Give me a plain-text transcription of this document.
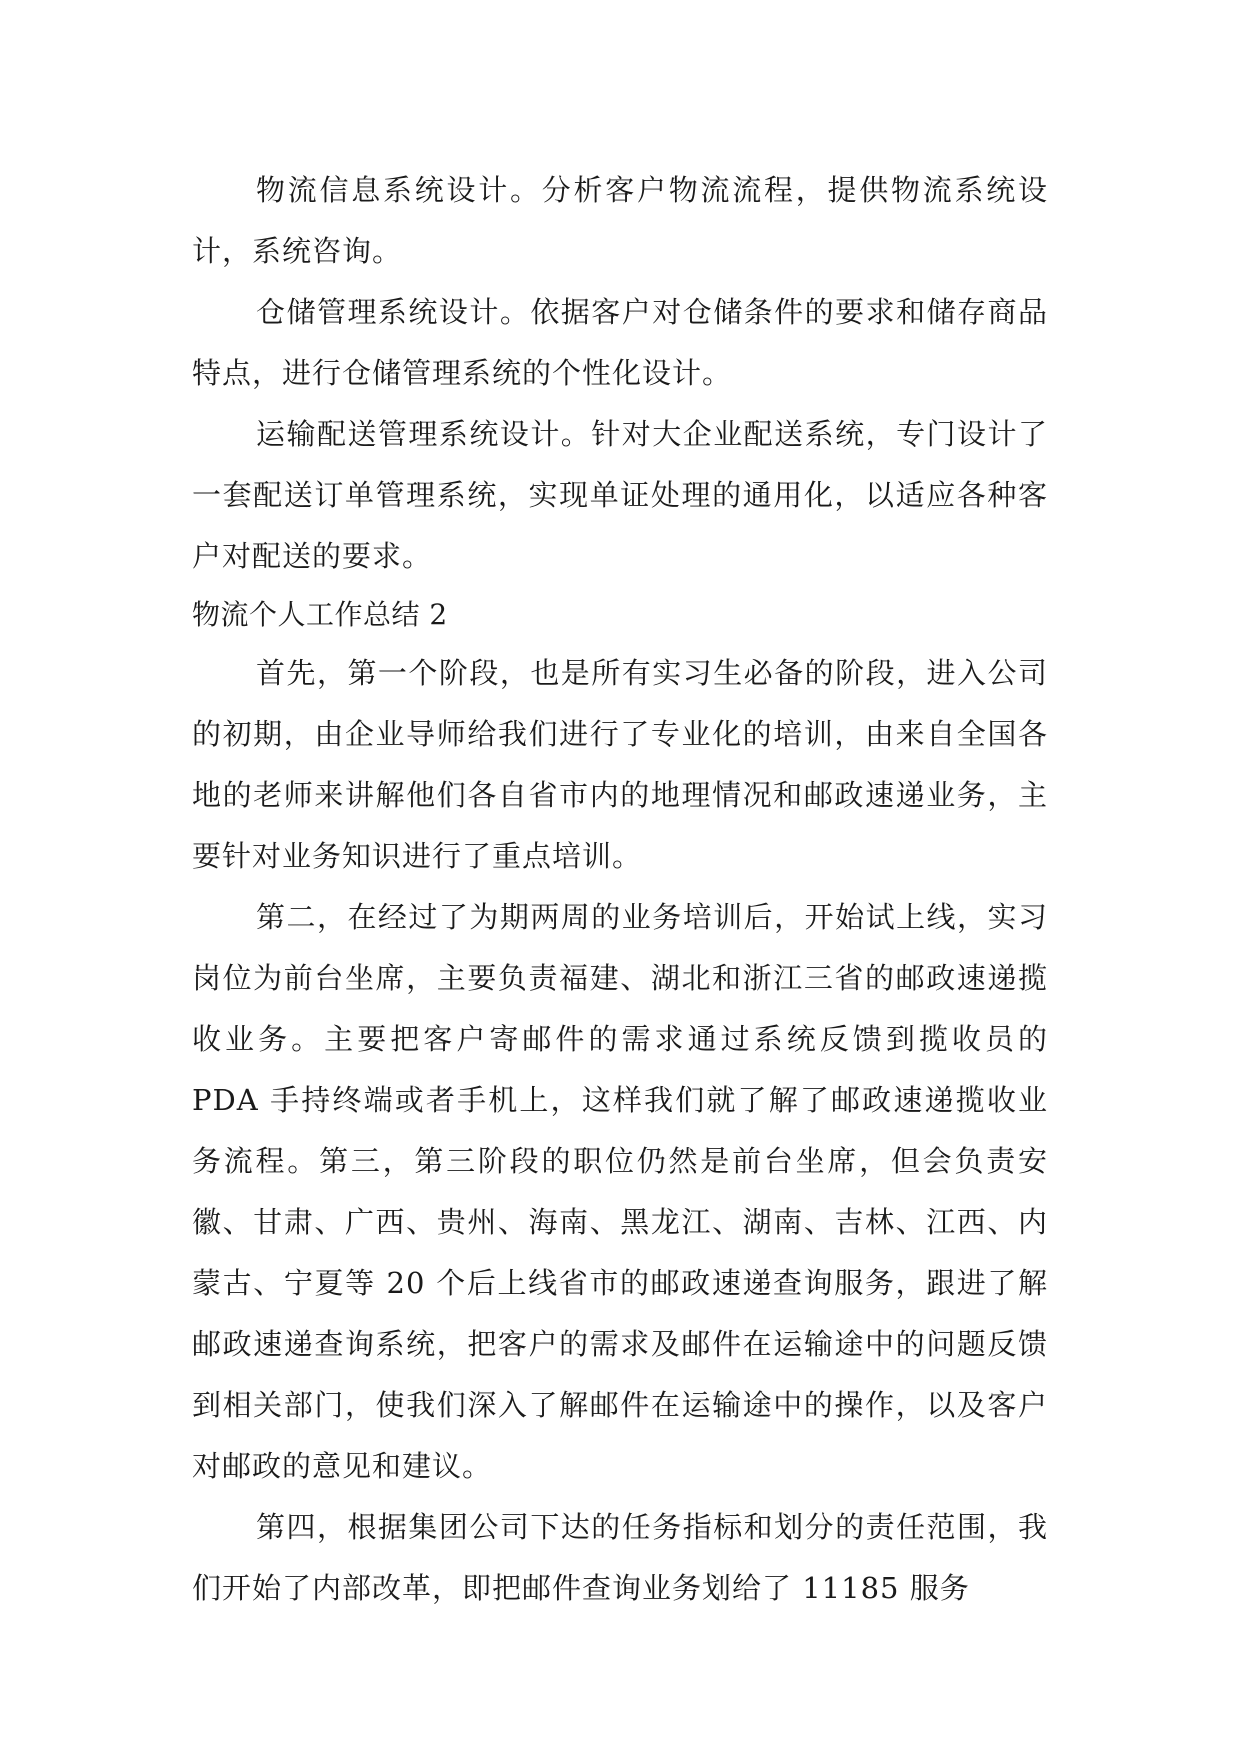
物流信息系统设计。分析客户物流流程，提供物流系统设计，系统咨询。

仓储管理系统设计。依据客户对仓储条件的要求和储存商品特点，进行仓储管理系统的个性化设计。

运输配送管理系统设计。针对大企业配送系统，专门设计了一套配送订单管理系统，实现单证处理的通用化，以适应各种客户对配送的要求。

物流个人工作总结 2

首先，第一个阶段，也是所有实习生必备的阶段，进入公司的初期，由企业导师给我们进行了专业化的培训，由来自全国各地的老师来讲解他们各自省市内的地理情况和邮政速递业务，主要针对业务知识进行了重点培训。

第二，在经过了为期两周的业务培训后，开始试上线，实习岗位为前台坐席，主要负责福建、湖北和浙江三省的邮政速递揽收业务。主要把客户寄邮件的需求通过系统反馈到揽收员的 PDA 手持终端或者手机上，这样我们就了解了邮政速递揽收业务流程。第三，第三阶段的职位仍然是前台坐席，但会负责安徽、甘肃、广西、贵州、海南、黑龙江、湖南、吉林、江西、内蒙古、宁夏等 20 个后上线省市的邮政速递查询服务，跟进了解邮政速递查询系统，把客户的需求及邮件在运输途中的问题反馈到相关部门，使我们深入了解邮件在运输途中的操作，以及客户对邮政的意见和建议。

第四，根据集团公司下达的任务指标和划分的责任范围，我们开始了内部改革，即把邮件查询业务划给了 11185 服务
